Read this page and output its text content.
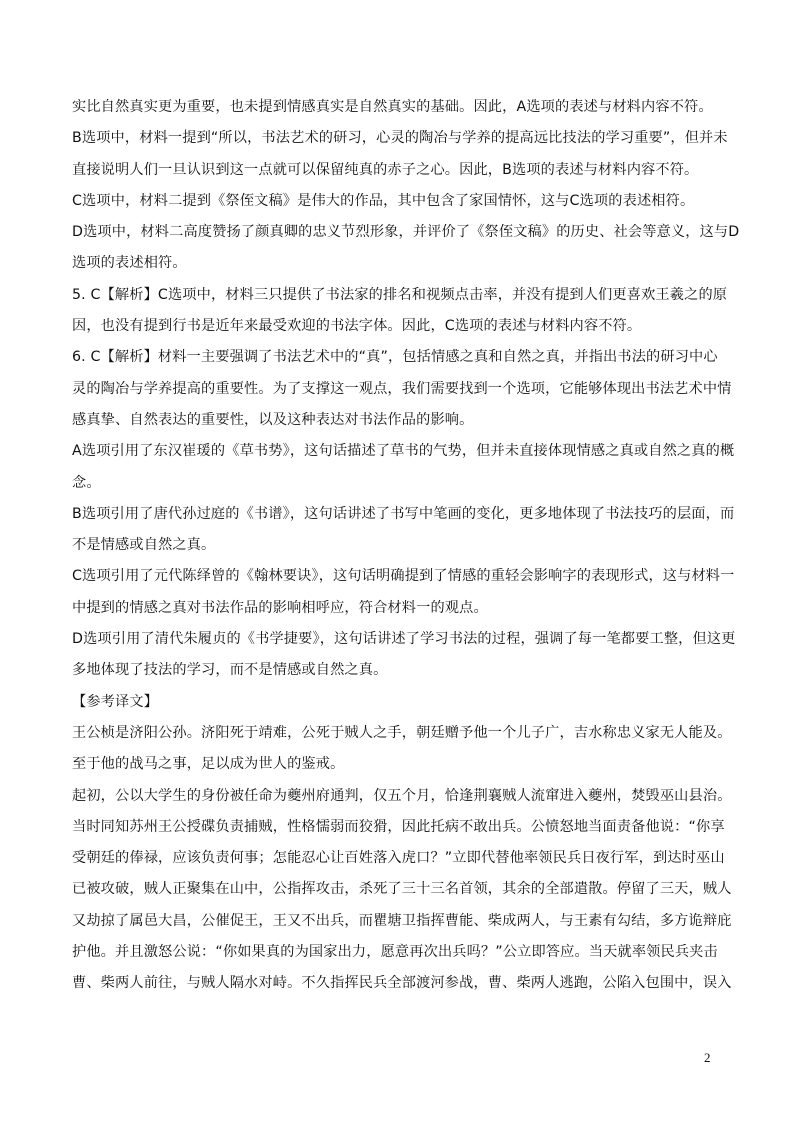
实比自然真实更为重要，也未提到情感真实是自然真实的基础。因此，A选项的表述与材料内容不符。
B选项中，材料一提到“所以，书法艺术的研习，心灵的陶冶与学养的提高远比技法的学习重要”，但并未
直接说明人们一旦认识到这一点就可以保留纯真的赤子之心。因此，B选项的表述与材料内容不符。
C选项中，材料二提到《祭侄文稿》是伟大的作品，其中包含了家国情怀，这与C选项的表述相符。
D选项中，材料二高度赞扬了颜真卿的忠义节烈形象，并评价了《祭侄文稿》的历史、社会等意义，这与D
选项的表述相符。
5. C【解析】C选项中，材料三只提供了书法家的排名和视频点击率，并没有提到人们更喜欢王羲之的原
因，也没有提到行书是近年来最受欢迎的书法字体。因此，C选项的表述与材料内容不符。
6. C【解析】材料一主要强调了书法艺术中的“真”，包括情感之真和自然之真，并指出书法的研习中心
灵的陶冶与学养提高的重要性。为了支撑这一观点，我们需要找到一个选项，它能够体现出书法艺术中情
感真挚、自然表达的重要性，以及这种表达对书法作品的影响。
A选项引用了东汉崔瑗的《草书势》，这句话描述了草书的气势，但并未直接体现情感之真或自然之真的概
念。
B选项引用了唐代孙过庭的《书谱》，这句话讲述了书写中笔画的变化，更多地体现了书法技巧的层面，而
不是情感或自然之真。
C选项引用了元代陈绎曾的《翰林要诀》，这句话明确提到了情感的重轻会影响字的表现形式，这与材料一
中提到的情感之真对书法作品的影响相呼应，符合材料一的观点。
D选项引用了清代朱履贞的《书学捷要》，这句话讲述了学习书法的过程，强调了每一笔都要工整，但这更
多地体现了技法的学习，而不是情感或自然之真。
【参考译文】
王公桢是济阳公孙。济阳死于靖难，公死于贼人之手，朝廷赠予他一个儿子广，吉水称忠义家无人能及。
至于他的战马之事，足以成为世人的鉴戒。
起初，公以大学生的身份被任命为夔州府通判，仅五个月，恰逢荆襄贼人流窜进入夔州，焚毁巫山县治。
当时同知苏州王公授碟负责捕贼，性格懦弱而狡猾，因此托病不敢出兵。公愤怒地当面责备他说：“你享
受朝廷的俸禄，应该负责何事；怎能忍心让百姓落入虎口？”立即代替他率领民兵日夜行军，到达时巫山
已被攻破，贼人正聚集在山中，公指挥攻击，杀死了三十三名首领，其余的全部遣散。停留了三天，贼人
又劫掠了属邑大昌，公催促王，王又不出兵，而瞿塘卫指挥曹能、柴成两人，与王素有勾结，多方诡辩庇
护他。并且激怒公说：“你如果真的为国家出力，愿意再次出兵吗？”公立即答应。当天就率领民兵夹击
曹、柴两人前往，与贼人隔水对峙。不久指挥民兵全部渡河参战，曹、柴两人逃跑，公陷入包围中，误入
2
